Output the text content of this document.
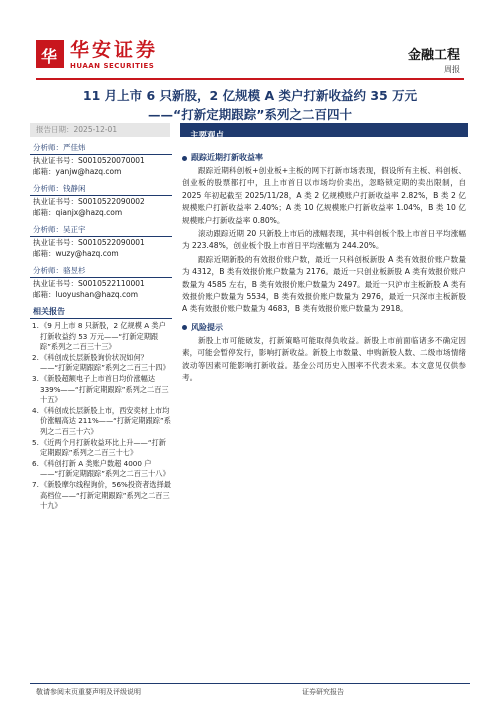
华 华安证券
HUAAN SECURITIES
金融工程
周报
11 月上市 6 只新股，2 亿规模 A 类户打新收益约 35 万元
——“打新定期跟踪”系列之二百四十
报告日期：2025-12-01
主要观点
分析师：严佳炜
执业证书号：S0010520070001
邮箱：yanjw@hazq.com
分析师：钱静闲
执业证书号：S0010522090002
邮箱：qianjx@hazq.com
分析师：吴正宇
执业证书号：S0010522090001
邮箱：wuzy@hazq.com
分析师：骆昱杉
执业证书号：S0010522110001
邮箱：luoyushan@hazq.com
相关报告
1. 《9 月上市 8 只新股，2 亿规模 A 类户打新收益约 53 万元——“打新定期跟踪”系列之二百三十三》
2. 《科创成长层新股询价状况如何？——“打新定期跟踪”系列之二百三十四》
3. 《新股超额电子上市首日均价涨幅达 339%——“打新定期跟踪”系列之二百三十五》
4. 《科创成长层新股上市，西安奕材上市均价涨幅高达 211%——“打新定期跟踪”系列之二百三十六》
5. 《近两个月打新收益环比上升——“打新定期跟踪”系列之二百三十七》
6. 《科创打新 A 类账户数超 4000 户——“打新定期跟踪”系列之二百三十八》
7. 《新股摩尔线程询价，56%投资者选择最高档位——“打新定期跟踪”系列之二百三十九》
跟踪近期打新收益率
跟踪近期科创板+创业板+主板的网下打新市场表现，假设所有主板、科创板、创业板的股票都打中，且上市首日以市场均价卖出，忽略锁定期的卖出限制，自 2025 年初起截至 2025/11/28，A 类 2 亿规模账户打新收益率 2.82%，B 类 2 亿规模账户打新收益率 2.40%；A 类 10 亿规模账户打新收益率 1.04%，B 类 10 亿规模账户打新收益率 0.80%。
滚动跟踪近期 20 只新股上市后的涨幅表现，其中科创板个股上市首日平均涨幅为 223.48%，创业板个股上市首日平均涨幅为 244.20%。
跟踪近期新股的有效报价账户数，最近一只科创板新股 A 类有效报价账户数量为 4312，B 类有效报价账户数量为 2176。最近一只创业板新股 A 类有效报价账户数量为 4585 左右，B 类有效报价账户数量为 2497。最近一只沪市主板新股 A 类有效报价账户数量为 5534，B 类有效报价账户数量为 2976，最近一只深市主板新股 A 类有效报价账户数量为 4683，B 类有效报价账户数量为 2918。
风险提示
新股上市可能破发，打新策略可能取得负收益。新股上市前面临诸多不确定因素，可能会暂停发行，影响打新收益。新股上市数量、申购新股人数、二级市场情绪波动等因素可能影响打新收益。基金公司历史入围率不代表未来。本文意见仅供参考。
敬请参阅末页重要声明及评级说明	证券研究报告
